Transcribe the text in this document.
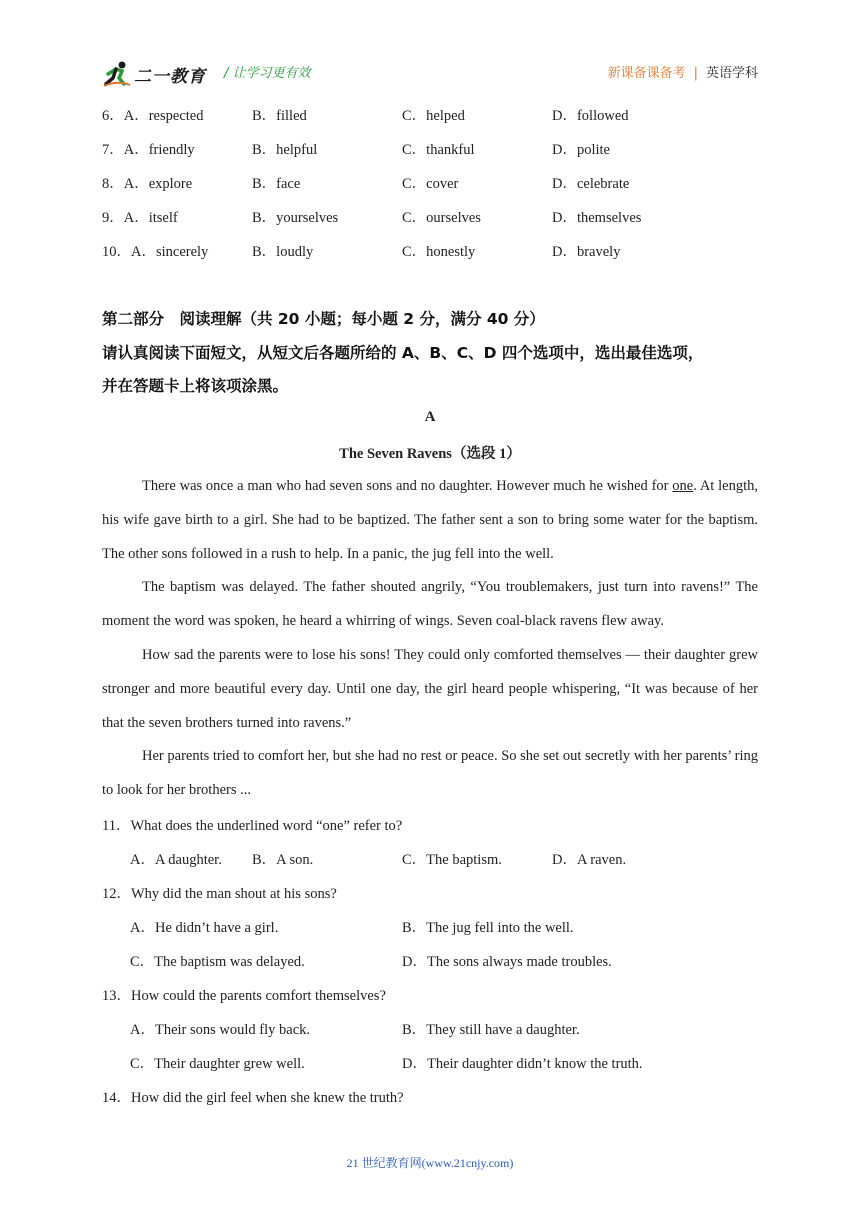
二一教育 / 让学习更有效	新课备课备考 | 英语学科
6．A．respected	B．filled	C．helped	D．followed
7．A．friendly	B．helpful	C．thankful	D．polite
8．A．explore	B．face	C．cover	D．celebrate
9．A．itself	B．yourselves	C．ourselves	D．themselves
10．A．sincerely	B．loudly	C．honestly	D．bravely
第二部分　阅读理解（共 20 小题；每小题 2 分，满分 40 分）
请认真阅读下面短文，从短文后各题所给的 A、B、C、D 四个选项中，选出最佳选项，
并在答题卡上将该项涂黑。
A
The Seven Ravens（选段 1）
There was once a man who had seven sons and no daughter. However much he wished for one. At length, his wife gave birth to a girl. She had to be baptized. The father sent a son to bring some water for the baptism. The other sons followed in a rush to help. In a panic, the jug fell into the well.
The baptism was delayed. The father shouted angrily, “You troublemakers, just turn into ravens!” The moment the word was spoken, he heard a whirring of wings. Seven coal-black ravens flew away.
How sad the parents were to lose his sons! They could only comforted themselves — their daughter grew stronger and more beautiful every day. Until one day, the girl heard people whispering, “It was because of her that the seven brothers turned into ravens.”
Her parents tried to comfort her, but she had no rest or peace. So she set out secretly with her parents’ ring to look for her brothers ...
11．What does the underlined word “one” refer to?
A．A daughter. B．A son.	C．The baptism.	D．A raven.
12．Why did the man shout at his sons?
A．He didn’t have a girl.	B．The jug fell into the well.
C．The baptism was delayed.	D．The sons always made troubles.
13．How could the parents comfort themselves?
A．Their sons would fly back.	B．They still have a daughter.
C．Their daughter grew well.	D．Their daughter didn’t know the truth.
14．How did the girl feel when she knew the truth?
21 世纪教育网(www.21cnjy.com)
